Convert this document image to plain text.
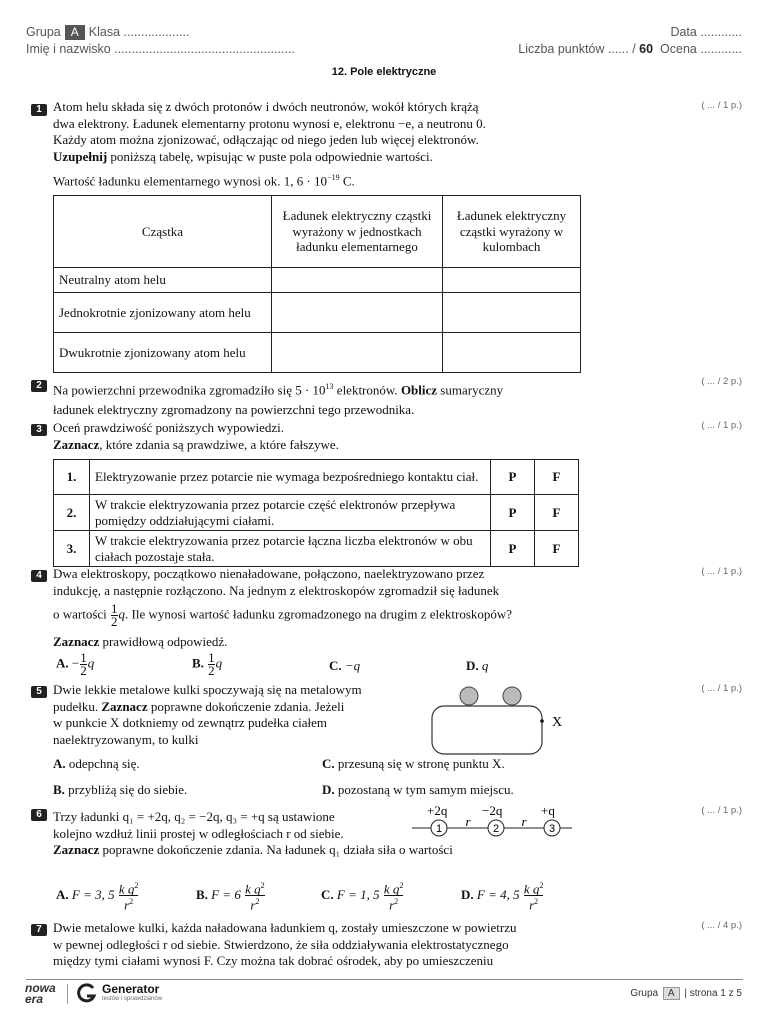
Grupa A Klasa ...................
Imię i nazwisko ....................................................
Data ............
Liczba punktów ...... / 60 Ocena ............
12. Pole elektryczne
1	( ... / 1 p.)
Atom helu składa się z dwóch protonów i dwóch neutronów, wokół których krążą
dwa elektrony. Ładunek elementarny protonu wynosi e, elektronu −e, a neutronu 0.
Każdy atom można zjonizować, odłączając od niego jeden lub więcej elektronów.
Uzupełnij poniższą tabelę, wpisując w puste pola odpowiednie wartości.
Wartość ładunku elementarnego wynosi ok. 1, $6 \cdot 10^{-19}$ C.
Cząstka	Ładunek elektryczny cząstki wyrażony w jednostkach ładunku elementarnego	Ładunek elektryczny cząstki wyrażony w kulombach
Neutralny atom helu		
Jednokrotnie zjonizowany atom helu		
Dwukrotnie zjonizowany atom helu		
2	( ... / 2 p.)
Na powierzchni przewodnika zgromadziło się $5 \cdot 10^{13}$ elektronów. Oblicz sumaryczny
ładunek elektryczny zgromadzony na powierzchni tego przewodnika.
3	( ... / 1 p.)
Oceń prawdziwość poniższych wypowiedzi.
Zaznacz, które zdania są prawdziwe, a które fałszywe.
1.	Elektryzowanie przez potarcie nie wymaga bezpośredniego kontaktu ciał.	P	F
2.	W trakcie elektryzowania przez potarcie część elektronów przepływa pomiędzy oddziałującymi ciałami.	P	F
3.	W trakcie elektryzowania przez potarcie łączna liczba elektronów w obu ciałach pozostaje stała.	P	F
4	( ... / 1 p.)
Dwa elektroskopy, początkowo nienaładowane, połączono, naelektryzowano przez
indukcję, a następnie rozłączono. Na jednym z elektroskopów zgromadził się ładunek
o wartości $\frac{1}{2} q$. Ile wynosi wartość ładunku zgromadzonego na drugim z elektroskopów?
Zaznacz prawidłową odpowiedź.
A. − $\frac{1}{2}$ q	B. $\frac{1}{2}$ q	C. −q	D. q
5	( ... / 1 p.)
Dwie lekkie metalowe kulki spoczywają się na metalowym
pudełku. Zaznacz poprawne dokończenie zdania. Jeżeli
w punkcie X dotkniemy od zewnątrz pudełka ciałem
naelektryzowanym, to kulki
X
A. odepchną się.	C. przesuną się w stronę punktu X.
B. przybliżą się do siebie.	D. pozostaną w tym samym miejscu.
6	( ... / 1 p.)
Trzy ładunki q₁ = +2q, q₂ = −2q, q₃ = +q są ustawione
kolejno wzdłuż linii prostej w odległościach r od siebie.
Zaznacz poprawne dokończenie zdania. Na ładunek q₁ działa siła o wartości
+2q	−2q	+q
1	2	3
r	r
A. F = 3, $5 \frac{k q^2}{r^2}$	B. $F = 6 \frac{k q^2}{r^2}$	C. F = 1, $5 \frac{k q^2}{r^2}$	D. F = 4, $5 \frac{k q^2}{r^2}$
7	( ... / 4 p.)
Dwie metalowe kulki, każda naładowana ładunkiem q, zostały umieszczone w powietrzu
w pewnej odległości r od siebie. Stwierdzono, że siła oddziaływania elektrostatycznego
między tymi ciałami wynosi F. Czy można tak dobrać ośrodek, aby po umieszczeniu
nowa
era
Generator
testów i sprawdzianów	Grupa A | strona 1 z 5
